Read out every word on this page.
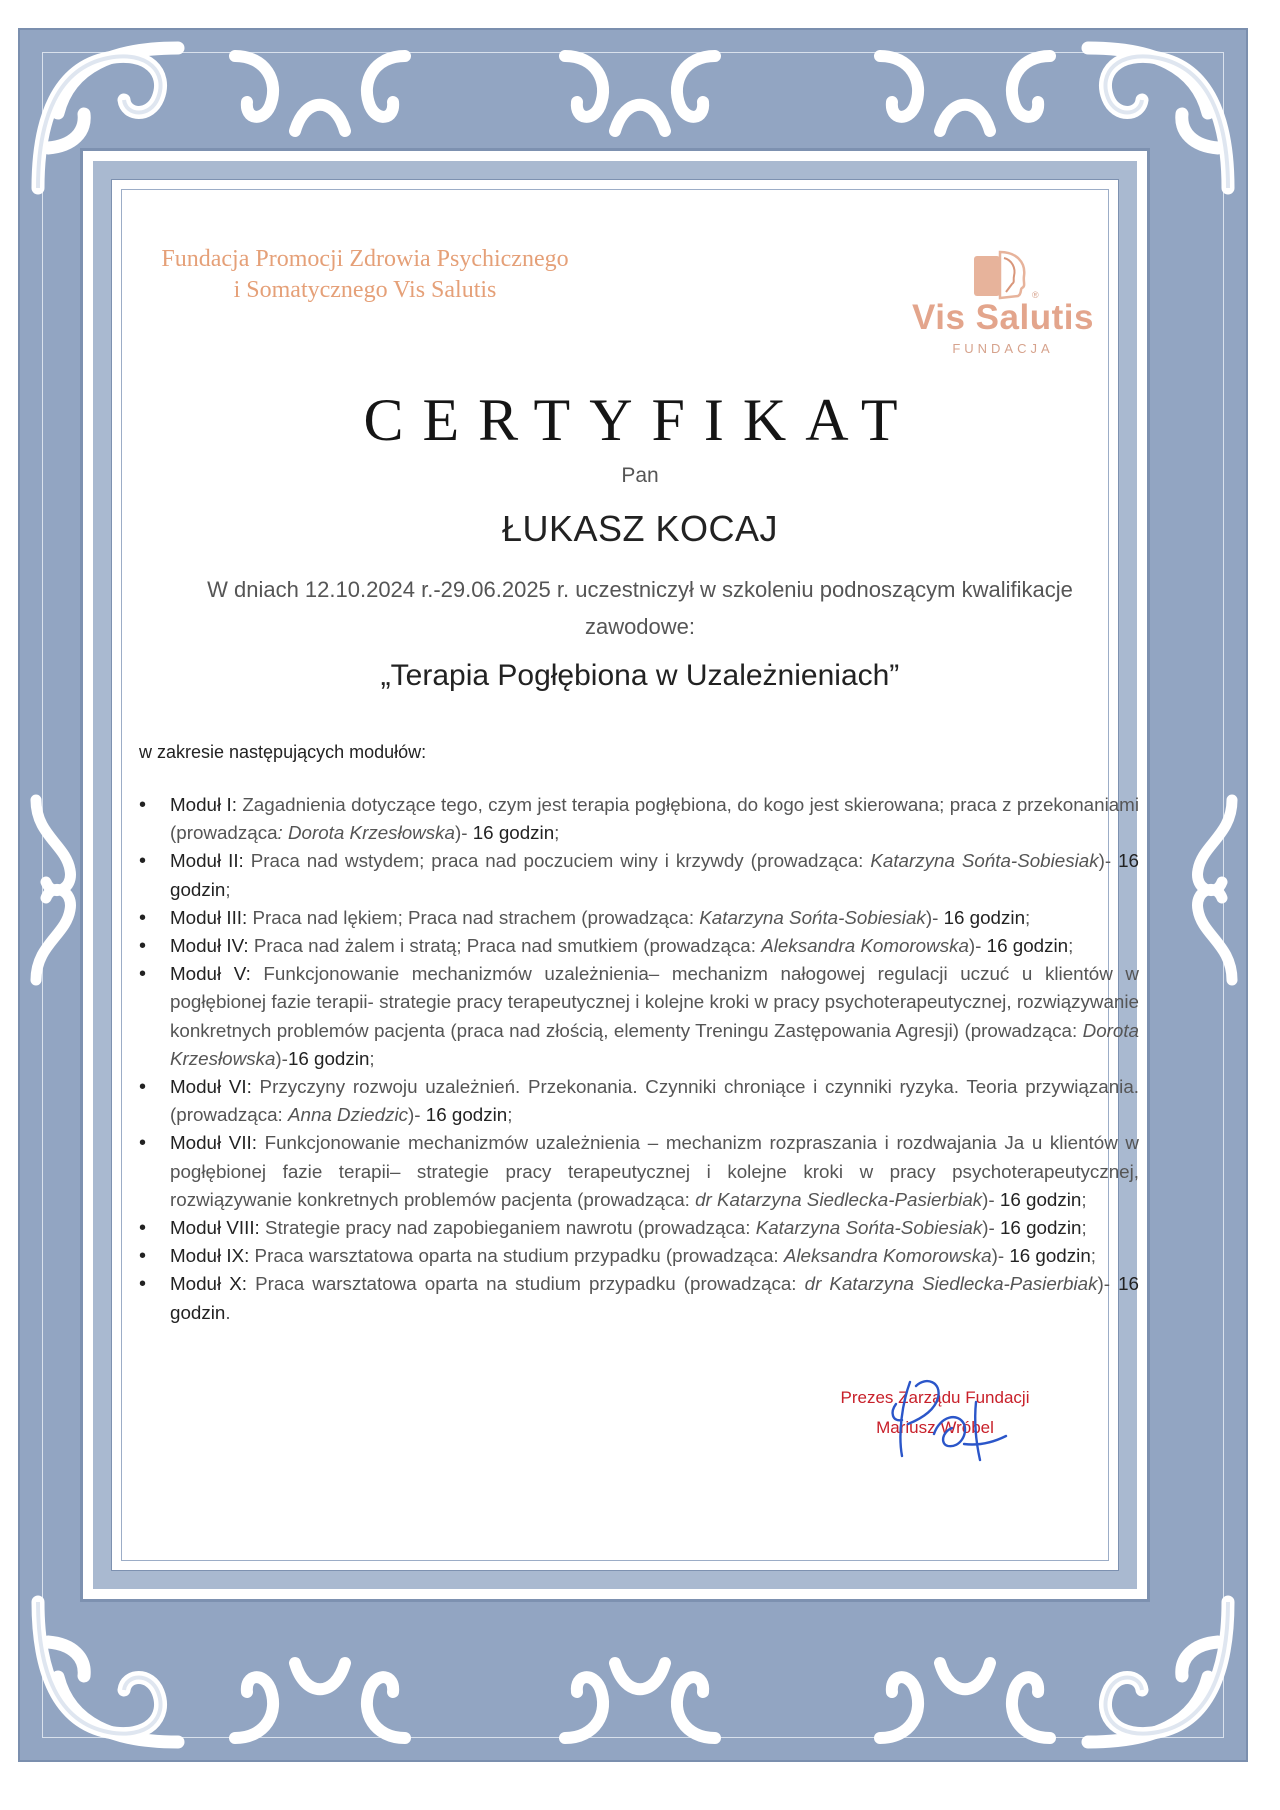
Fundacja Promocji Zdrowia Psychicznego
i Somatycznego Vis Salutis	®
Vis Salutis
FUNDACJA
CERTYFIKAT
Pan
ŁUKASZ KOCAJ
W dniach 12.10.2024 r.-29.06.2025 r. uczestniczył w szkoleniu podnoszącym kwalifikacje zawodowe:
„Terapia Pogłębiona w Uzależnieniach”
w zakresie następujących modułów:
• Moduł I: Zagadnienia dotyczące tego, czym jest terapia pogłębiona, do kogo jest skierowana; praca z przekonaniami (prowadząca: Dorota Krzesłowska)- 16 godzin;
• Moduł II: Praca nad wstydem; praca nad poczuciem winy i krzywdy (prowadząca: Katarzyna Sońta-Sobiesiak)- 16 godzin;
• Moduł III: Praca nad lękiem; Praca nad strachem (prowadząca: Katarzyna Sońta-Sobiesiak)- 16 godzin;
• Moduł IV: Praca nad żalem i stratą; Praca nad smutkiem (prowadząca: Aleksandra Komorowska)- 16 godzin;
• Moduł V: Funkcjonowanie mechanizmów uzależnienia– mechanizm nałogowej regulacji uczuć u klientów w pogłębionej fazie terapii- strategie pracy terapeutycznej i kolejne kroki w pracy psychoterapeutycznej, rozwiązywanie konkretnych problemów pacjenta (praca nad złością, elementy Treningu Zastępowania Agresji) (prowadząca: Dorota Krzesłowska)-16 godzin;
• Moduł VI: Przyczyny rozwoju uzależnień. Przekonania. Czynniki chroniące i czynniki ryzyka. Teoria przywiązania. (prowadząca: Anna Dziedzic)- 16 godzin;
• Moduł VII: Funkcjonowanie mechanizmów uzależnienia – mechanizm rozpraszania i rozdwajania Ja u klientów w pogłębionej fazie terapii– strategie pracy terapeutycznej i kolejne kroki w pracy psychoterapeutycznej, rozwiązywanie konkretnych problemów pacjenta (prowadząca: dr Katarzyna Siedlecka-Pasierbiak)- 16 godzin;
• Moduł VIII: Strategie pracy nad zapobieganiem nawrotu (prowadząca: Katarzyna Sońta-Sobiesiak)- 16 godzin;
• Moduł IX: Praca warsztatowa oparta na studium przypadku (prowadząca: Aleksandra Komorowska)- 16 godzin;
• Moduł X: Praca warsztatowa oparta na studium przypadku (prowadząca: dr Katarzyna Siedlecka-Pasierbiak)- 16 godzin.
Prezes Zarządu Fundacji
Mariusz Wróbel
